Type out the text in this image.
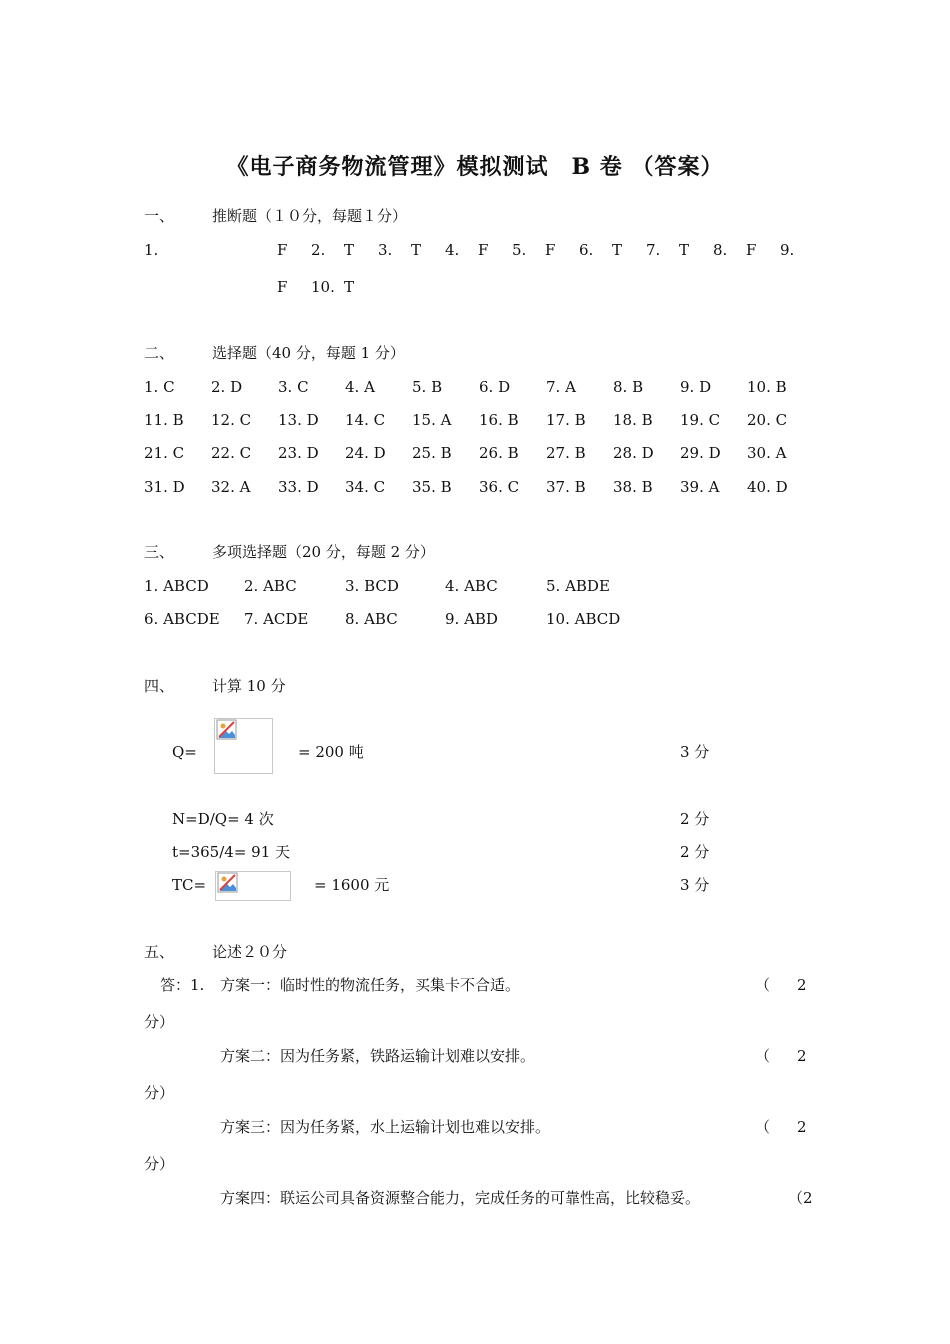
《电子商务物流管理》模拟测试　B 卷 （答案）
一、	推断题（１０分，每题１分）
1.	F 2. T 3. T 4. F 5. F 6. T 7. T 8. F 9.
F 10. T
二、	选择题（40 分，每题 1 分）
1. C 2. D 3. C 4. A 5. B 6. D 7. A 8. B 9. D 10. B
11. B 12. C 13. D 14. C 15. A 16. B 17. B 18. B 19. C 20. C
21. C 22. C 23. D 24. D 25. B 26. B 27. B 28. D 29. D 30. A
31. D 32. A 33. D 34. C 35. B 36. C 37. B 38. B 39. A 40. D
三、	多项选择题（20 分，每题 2 分）
1. ABCD 2. ABC	3. BCD	4. ABC	5. ABDE
6. ABCDE 7. ACDE 8. ABC	9. ABD	10. ABCD
四、	计算 10 分
Q=	= 200 吨	3 分
N=D/Q= 4 次	2 分
t=365/4= 91 天	2 分
TC=	= 1600 元	3 分
五、	论述２０分
答：1. 方案一：临时性的物流任务，买集卡不合适。	（ 2
分）
方案二：因为任务紧，铁路运输计划难以安排。	（ 2
分）
方案三：因为任务紧，水上运输计划也难以安排。	（ 2
分）
方案四：联运公司具备资源整合能力，完成任务的可靠性高，比较稳妥。	（2
